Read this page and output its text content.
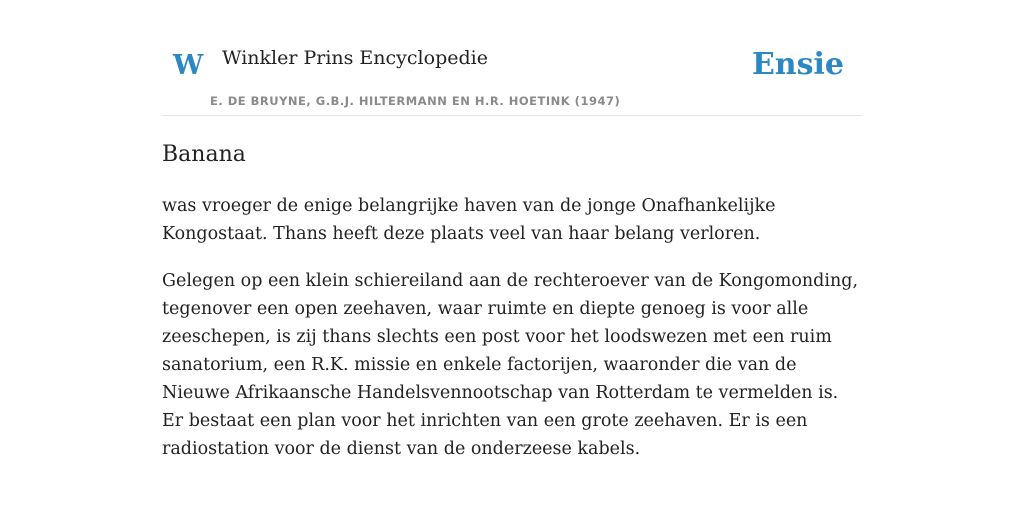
W Winkler Prins Encyclopedie
E. DE BRUYNE, G.B.J. HILTERMANN EN H.R. HOETINK (1947)
Ensie
Banana

was vroeger de enige belangrijke haven van de jonge Onafhankelijke Kongostaat. Thans heeft deze plaats veel van haar belang verloren.

Gelegen op een klein schiereiland aan de rechteroever van de Kongomonding, tegenover een open zeehaven, waar ruimte en diepte genoeg is voor alle zeeschepen, is zij thans slechts een post voor het loodswezen met een ruim sanatorium, een R.K. missie en enkele factorijen, waaronder die van de Nieuwe Afrikaansche Handelsvennootschap van Rotterdam te vermelden is. Er bestaat een plan voor het inrichten van een grote zeehaven. Er is een radiostation voor de dienst van de onderzeese kabels.
